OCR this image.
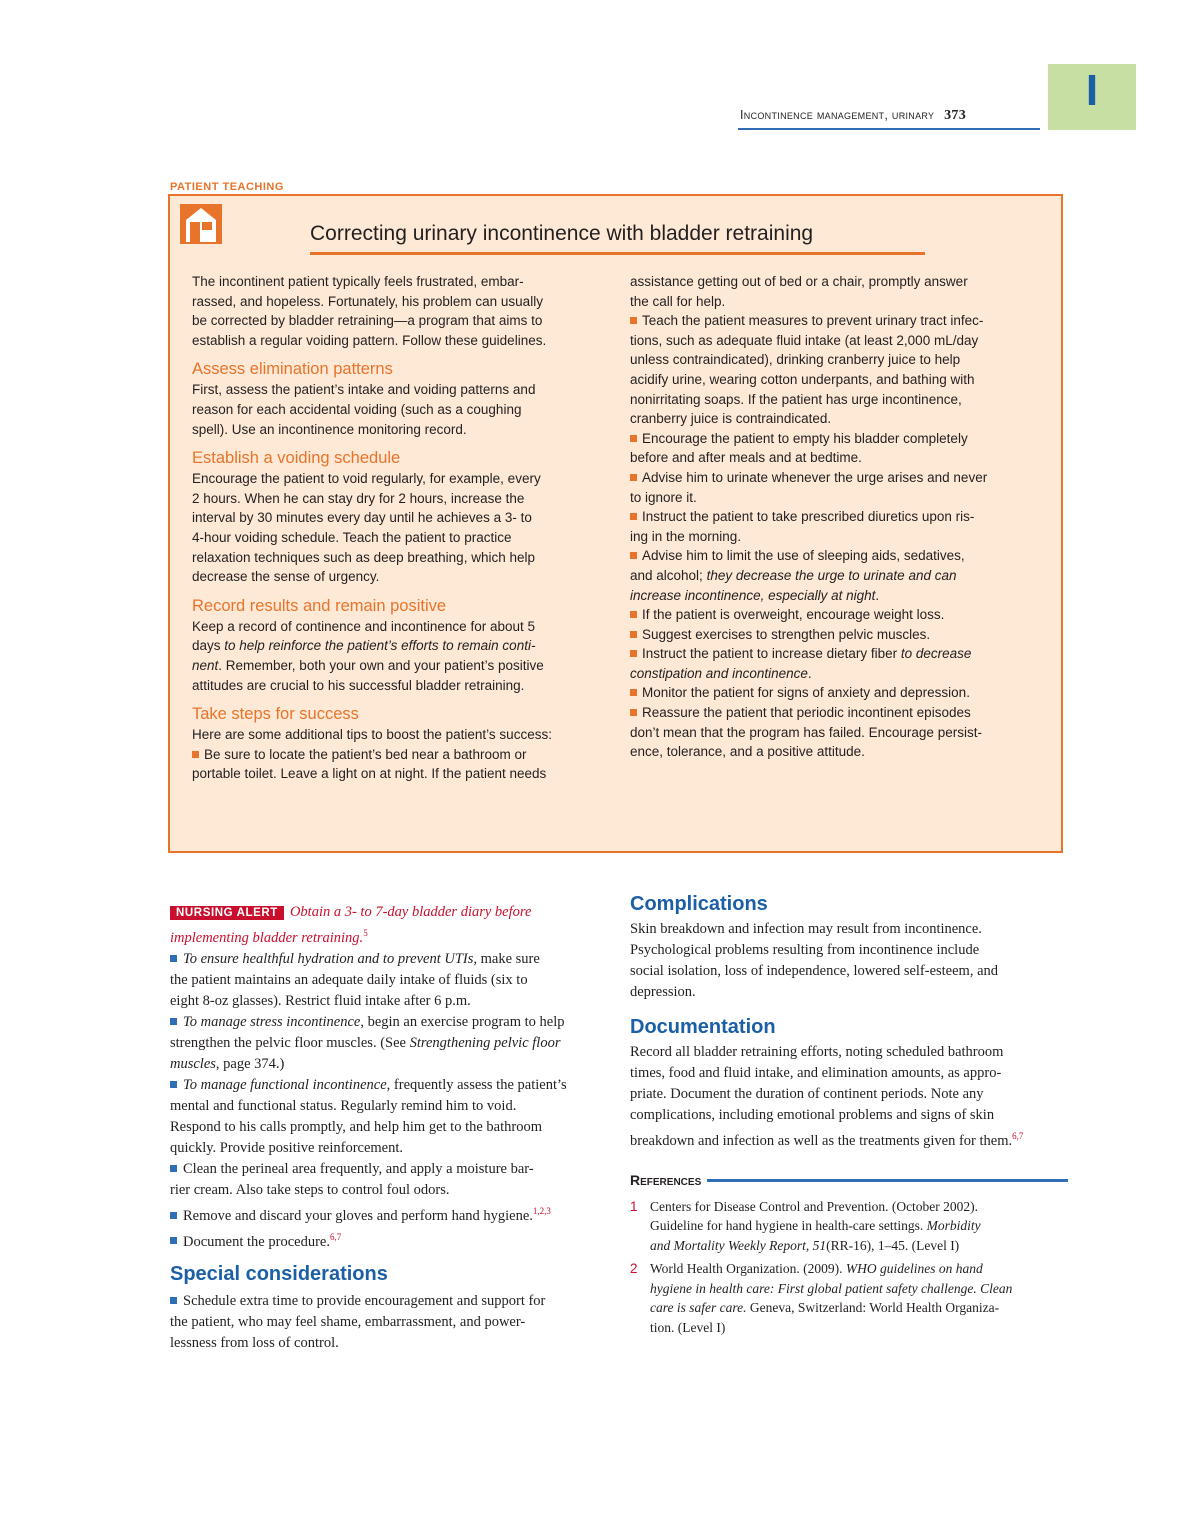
Incontinence management, urinary 373
I
PATIENT TEACHING
Correcting urinary incontinence with bladder retraining

The incontinent patient typically feels frustrated, embar-

rassed, and hopeless. Fortunately, his problem can usually

be corrected by bladder retraining—a program that aims to

establish a regular voiding pattern. Follow these guidelines.

Assess elimination patterns

First, assess the patient’s intake and voiding patterns and

reason for each accidental voiding (such as a coughing

spell). Use an incontinence monitoring record.

Establish a voiding schedule

Encourage the patient to void regularly, for example, every

2 hours. When he can stay dry for 2 hours, increase the

interval by 30 minutes every day until he achieves a 3- to

4-hour voiding schedule. Teach the patient to practice

relaxation techniques such as deep breathing, which help

decrease the sense of urgency.

Record results and remain positive

Keep a record of continence and incontinence for about 5

days to help reinforce the patient’s efforts to remain conti-

nent. Remember, both your own and your patient’s positive

attitudes are crucial to his successful bladder retraining.

Take steps for success

Here are some additional tips to boost the patient’s success:

Be sure to locate the patient’s bed near a bathroom or

portable toilet. Leave a light on at night. If the patient needs

assistance getting out of bed or a chair, promptly answer

the call for help.

Teach the patient measures to prevent urinary tract infec-

tions, such as adequate fluid intake (at least 2,000 mL/day

unless contraindicated), drinking cranberry juice to help

acidify urine, wearing cotton underpants, and bathing with

nonirritating soaps. If the patient has urge incontinence,

cranberry juice is contraindicated.

Encourage the patient to empty his bladder completely

before and after meals and at bedtime.

Advise him to urinate whenever the urge arises and never

to ignore it.

Instruct the patient to take prescribed diuretics upon ris-

ing in the morning.

Advise him to limit the use of sleeping aids, sedatives,

and alcohol; they decrease the urge to urinate and can

increase incontinence, especially at night.

If the patient is overweight, encourage weight loss.

Suggest exercises to strengthen pelvic muscles.

Instruct the patient to increase dietary fiber to decrease

constipation and incontinence.

Monitor the patient for signs of anxiety and depression.

Reassure the patient that periodic incontinent episodes

don’t mean that the program has failed. Encourage persist-

ence, tolerance, and a positive attitude.

NURSING ALERT Obtain a 3- to 7-day bladder diary before

implementing bladder retraining.$^5$

To ensure healthful hydration and to prevent UTIs, make sure

the patient maintains an adequate daily intake of fluids (six to

eight 8-oz glasses). Restrict fluid intake after 6 p.m.

To manage stress incontinence, begin an exercise program to help

strengthen the pelvic floor muscles. (See Strengthening pelvic floor

muscles, page 374.)

To manage functional incontinence, frequently assess the patient’s

mental and functional status. Regularly remind him to void.

Respond to his calls promptly, and help him get to the bathroom

quickly. Provide positive reinforcement.

Clean the perineal area frequently, and apply a moisture bar-

rier cream. Also take steps to control foul odors.

Remove and discard your gloves and perform hand hygiene.$^{1,2,3}$

Document the procedure.$^{6,7}$

Special considerations

Schedule extra time to provide encouragement and support for

the patient, who may feel shame, embarrassment, and power-

lessness from loss of control.

Complications

Skin breakdown and infection may result from incontinence.

Psychological problems resulting from incontinence include

social isolation, loss of independence, lowered self-esteem, and

depression.

Documentation

Record all bladder retraining efforts, noting scheduled bathroom

times, food and fluid intake, and elimination amounts, as appro-

priate. Document the duration of continent periods. Note any

complications, including emotional problems and signs of skin

breakdown and infection as well as the treatments given for them.$^{6,7}$

References

1 Centers for Disease Control and Prevention. (October 2002).

Guideline for hand hygiene in health-care settings. Morbidity

and Mortality Weekly Report, 51(RR-16), 1–45. (Level I)

2 World Health Organization. (2009). WHO guidelines on hand

hygiene in health care: First global patient safety challenge. Clean

care is safer care. Geneva, Switzerland: World Health Organiza-

tion. (Level I)
